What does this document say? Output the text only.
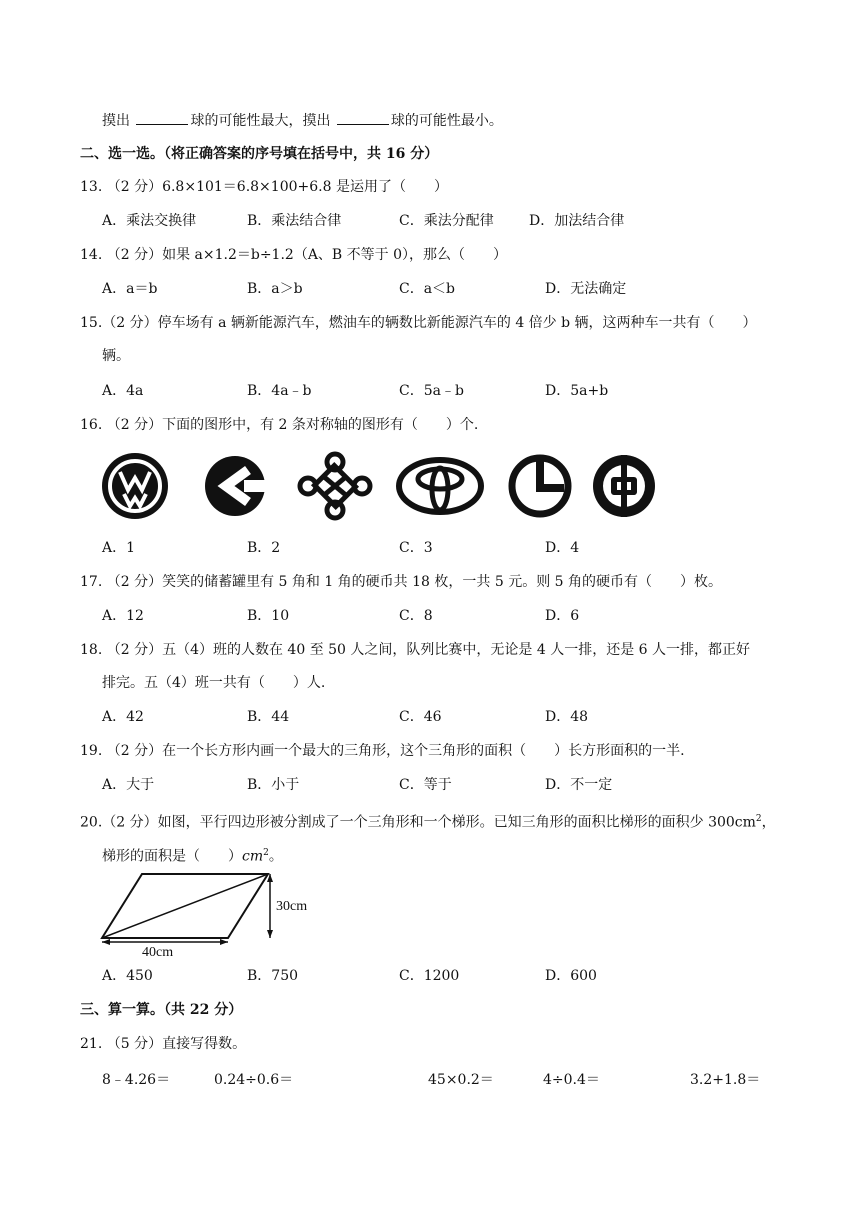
摸出	球的可能性最大，摸出	球的可能性最小。
二、选一选。（将正确答案的序号填在括号中，共 16 分）
13. （2 分）6.8×101＝6.8×100+6.8 是运用了（　　）
A．乘法交换律	B．乘法结合律	C．乘法分配律	D．加法结合律
14. （2 分）如果 a×1.2＝b÷1.2（A、B 不等于 0），那么（　　）
A．a＝b	B．a＞b	C．a＜b	D．无法确定
15.（2 分）停车场有 a 辆新能源汽车，燃油车的辆数比新能源汽车的 4 倍少 b 辆，这两种车一共有（　　）
辆。
A．4a	B．4a﹣b	C．5a﹣b	D．5a+b
16. （2 分）下面的图形中，有 2 条对称轴的图形有（　　）个.
A．1	B．2	C．3	D．4
17. （2 分）笑笑的储蓄罐里有 5 角和 1 角的硬币共 18 枚，一共 5 元。则 5 角的硬币有（　　）枚。
A．12	B．10	C．8	D．6
18. （2 分）五（4）班的人数在 40 至 50 人之间，队列比赛中，无论是 4 人一排，还是 6 人一排，都正好
排完。五（4）班一共有（　　）人.
A．42	B．44	C．46	D．48
19. （2 分）在一个长方形内画一个最大的三角形，这个三角形的面积（　　）长方形面积的一半.
A．大于	B．小于	C．等于	D．不一定
20.（2 分）如图，平行四边形被分割成了一个三角形和一个梯形。已知三角形的面积比梯形的面积少 $300cm^2$，
梯形的面积是（　　）$cm^2$。
30cm
40cm
A．450	B．750	C．1200	D．600
三、算一算。（共 22 分）
21. （5 分）直接写得数。
8﹣4.26＝	0.24÷0.6＝	45×0.2＝	4÷0.4＝	3.2+1.8＝
